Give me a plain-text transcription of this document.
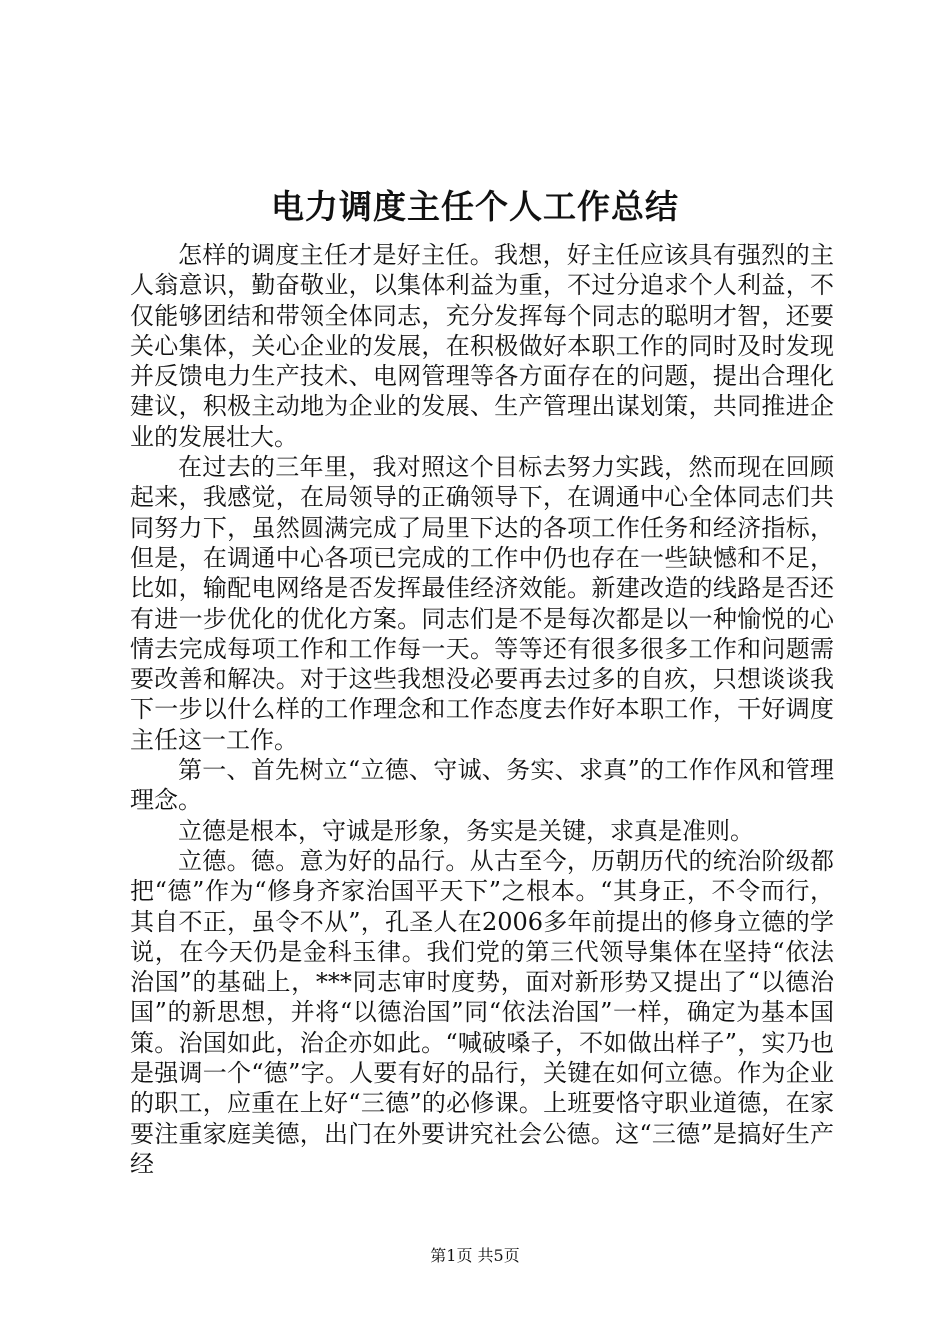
电力调度主任个人工作总结

怎样的调度主任才是好主任。我想，好主任应该具有强烈的主人翁意识，勤奋敬业，以集体利益为重，不过分追求个人利益，不仅能够团结和带领全体同志，充分发挥每个同志的聪明才智，还要关心集体，关心企业的发展，在积极做好本职工作的同时及时发现并反馈电力生产技术、电网管理等各方面存在的问题，提出合理化建议，积极主动地为企业的发展、生产管理出谋划策，共同推进企业的发展壮大。

在过去的三年里，我对照这个目标去努力实践，然而现在回顾起来，我感觉，在局领导的正确领导下，在调通中心全体同志们共同努力下，虽然圆满完成了局里下达的各项工作任务和经济指标，但是，在调通中心各项已完成的工作中仍也存在一些缺憾和不足，比如，输配电网络是否发挥最佳经济效能。新建改造的线路是否还有进一步优化的优化方案。同志们是不是每次都是以一种愉悦的心情去完成每项工作和工作每一天。等等还有很多很多工作和问题需要改善和解决。对于这些我想没必要再去过多的自疚，只想谈谈我下一步以什么样的工作理念和工作态度去作好本职工作，干好调度主任这一工作。

第一、首先树立“立德、守诚、务实、求真”的工作作风和管理理念。

立德是根本，守诚是形象，务实是关键，求真是准则。

立德。德。意为好的品行。从古至今，历朝历代的统治阶级都把“德”作为“修身齐家治国平天下”之根本。“其身正，不令而行，其自不正，虽令不从”，孔圣人在2006多年前提出的修身立德的学说，在今天仍是金科玉律。我们党的第三代领导集体在坚持“依法治国”的基础上，***同志审时度势，面对新形势又提出了“以德治国”的新思想，并将“以德治国”同“依法治国”一样，确定为基本国策。治国如此，治企亦如此。“喊破嗓子，不如做出样子”，实乃也是强调一个“德”字。人要有好的品行，关键在如何立德。作为企业的职工，应重在上好“三德”的必修课。上班要恪守职业道德，在家要注重家庭美德，出门在外要讲究社会公德。这“三德”是搞好生产经

第1页 共5页
